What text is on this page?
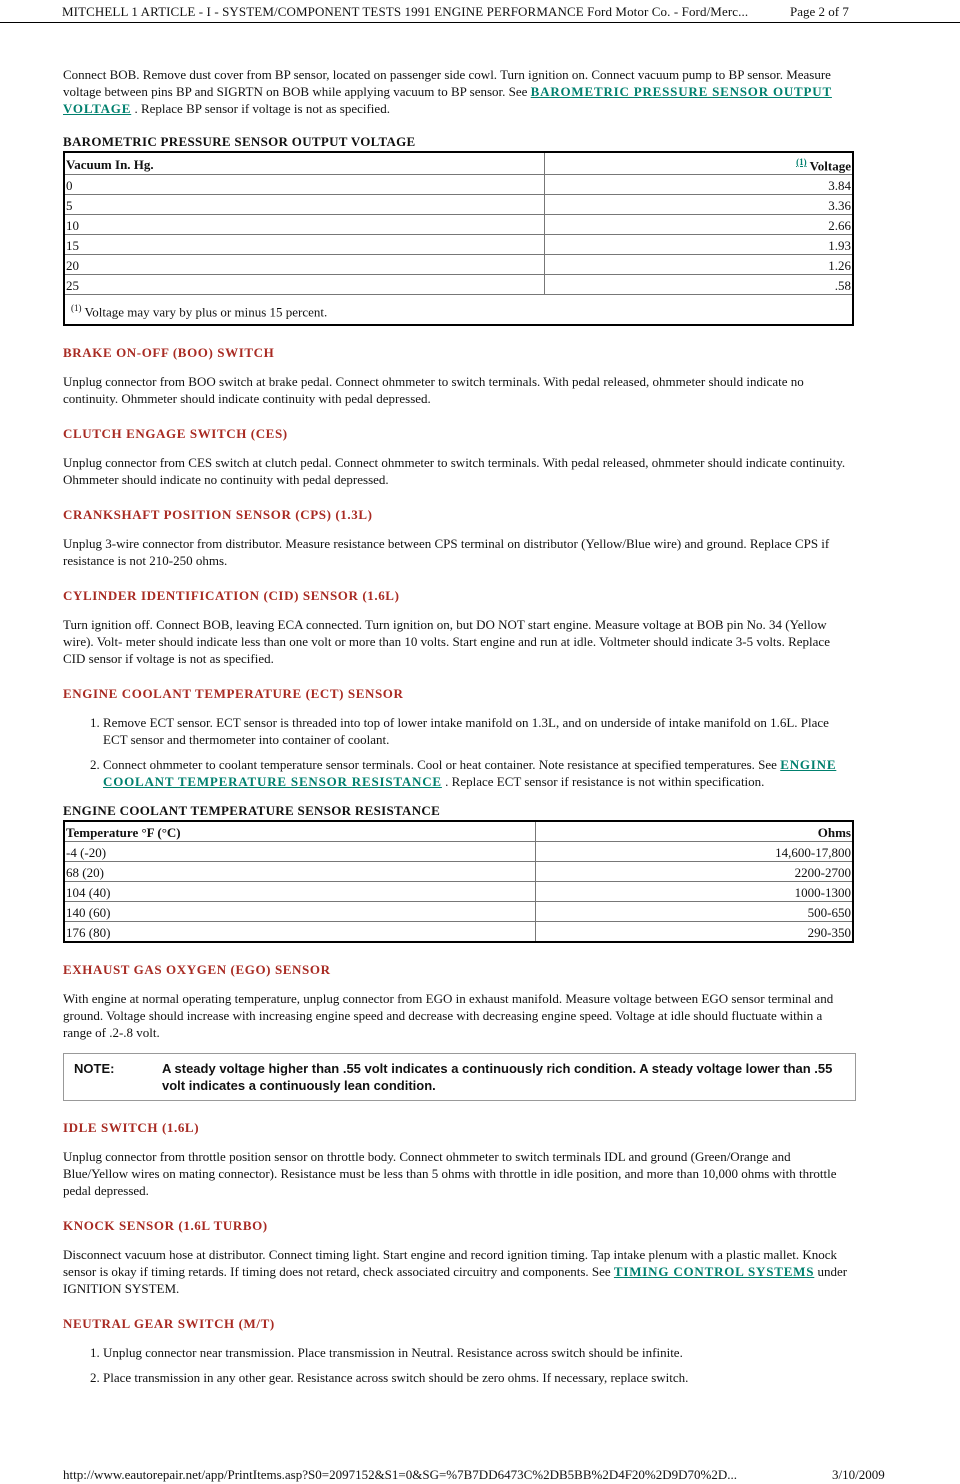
MITCHELL 1 ARTICLE - I - SYSTEM/COMPONENT TESTS 1991 ENGINE PERFORMANCE Ford Motor Co. - Ford/Merc...	Page 2 of 7

Connect BOB. Remove dust cover from BP sensor, located on passenger side cowl. Turn ignition on. Connect vacuum pump to BP sensor. Measure voltage between pins BP and SIGRTN on BOB while applying vacuum to BP sensor. See BAROMETRIC PRESSURE SENSOR OUTPUT VOLTAGE . Replace BP sensor if voltage is not as specified.

BAROMETRIC PRESSURE SENSOR OUTPUT VOLTAGE
Vacuum In. Hg.	$^{(1)}$ Voltage
0	3.84
5	3.36
10	2.66
15	1.93
20	1.26
25	.58
$^{(1)}$ Voltage may vary by plus or minus 15 percent.	
BRAKE ON-OFF (BOO) SWITCH

Unplug connector from BOO switch at brake pedal. Connect ohmmeter to switch terminals. With pedal released, ohmmeter should indicate no continuity. Ohmmeter should indicate continuity with pedal depressed.

CLUTCH ENGAGE SWITCH (CES)

Unplug connector from CES switch at clutch pedal. Connect ohmmeter to switch terminals. With pedal released, ohmmeter should indicate continuity. Ohmmeter should indicate no continuity with pedal depressed.

CRANKSHAFT POSITION SENSOR (CPS) (1.3L)

Unplug 3-wire connector from distributor. Measure resistance between CPS terminal on distributor (Yellow/Blue wire) and ground. Replace CPS if resistance is not 210-250 ohms.

CYLINDER IDENTIFICATION (CID) SENSOR (1.6L)

Turn ignition off. Connect BOB, leaving ECA connected. Turn ignition on, but DO NOT start engine. Measure voltage at BOB pin No. 34 (Yellow wire). Volt- meter should indicate less than one volt or more than 10 volts. Start engine and run at idle. Voltmeter should indicate 3-5 volts. Replace CID sensor if voltage is not as specified.

ENGINE COOLANT TEMPERATURE (ECT) SENSOR
1. Remove ECT sensor. ECT sensor is threaded into top of lower intake manifold on 1.3L, and on underside of intake manifold on 1.6L. Place ECT sensor and thermometer into container of coolant.
2. Connect ohmmeter to coolant temperature sensor terminals. Cool or heat container. Note resistance at specified temperatures. See ENGINE COOLANT TEMPERATURE SENSOR RESISTANCE . Replace ECT sensor if resistance is not within specification.
ENGINE COOLANT TEMPERATURE SENSOR RESISTANCE
Temperature °F (°C)	Ohms
-4 (-20)	14,600-17,800
68 (20)	2200-2700
104 (40)	1000-1300
140 (60)	500-650
176 (80)	290-350
EXHAUST GAS OXYGEN (EGO) SENSOR

With engine at normal operating temperature, unplug connector from EGO in exhaust manifold. Measure voltage between EGO sensor terminal and ground. Voltage should increase with increasing engine speed and decrease with decreasing engine speed. Voltage at idle should fluctuate within a range of .2-.8 volt.

NOTE:	A steady voltage higher than .55 volt indicates a continuously rich condition. A steady voltage lower than .55 volt indicates a continuously lean condition.
IDLE SWITCH (1.6L)

Unplug connector from throttle position sensor on throttle body. Connect ohmmeter to switch terminals IDL and ground (Green/Orange and Blue/Yellow wires on mating connector). Resistance must be less than 5 ohms with throttle in idle position, and more than 10,000 ohms with throttle pedal depressed.

KNOCK SENSOR (1.6L TURBO)

Disconnect vacuum hose at distributor. Connect timing light. Start engine and record ignition timing. Tap intake plenum with a plastic mallet. Knock sensor is okay if timing retards. If timing does not retard, check associated circuitry and components. See TIMING CONTROL SYSTEMS under IGNITION SYSTEM.

NEUTRAL GEAR SWITCH (M/T)
1. Unplug connector near transmission. Place transmission in Neutral. Resistance across switch should be infinite.
2. Place transmission in any other gear. Resistance across switch should be zero ohms. If necessary, replace switch.
http://www.eautorepair.net/app/PrintItems.asp?S0=2097152&S1=0&SG=%7B7DD6473C%2DB5BB%2D4F20%2D9D70%2D...	3/10/2009
